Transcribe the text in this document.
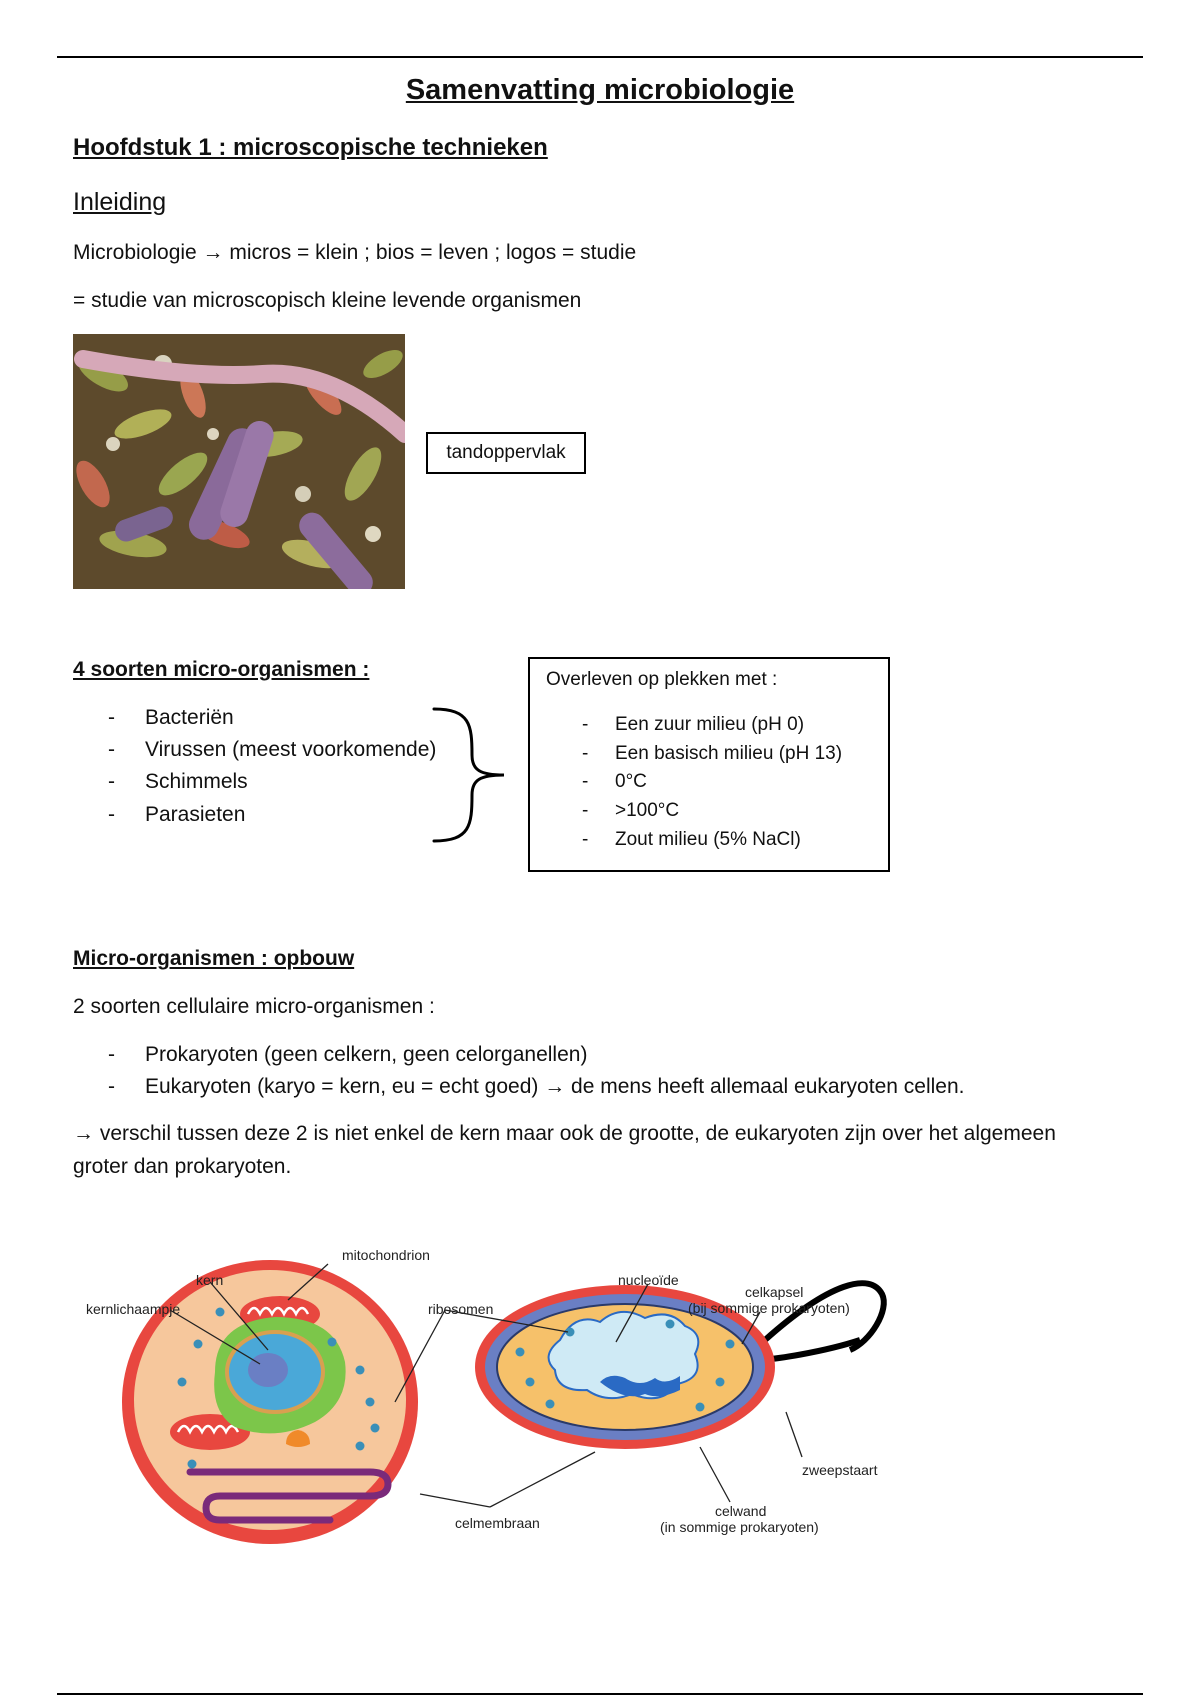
Samenvatting microbiologie
Hoofdstuk 1 : microscopische technieken
Inleiding
Microbiologie → micros = klein ; bios = leven ; logos = studie
= studie van microscopisch kleine levende organismen
tandoppervlak
4 soorten micro-organismen :
- Bacteriën
- Virussen (meest voorkomende)
- Schimmels
- Parasieten
Overleven op plekken met :
- Een zuur milieu (pH 0)
- Een basisch milieu (pH 13)
- 0°C
- >100°C
- Zout milieu (5% NaCl)
Micro-organismen : opbouw
2 soorten cellulaire micro-organismen :
- Prokaryoten (geen celkern, geen celorganellen)
- Eukaryoten (karyo = kern, eu = echt goed) → de mens heeft allemaal eukaryoten cellen.
→ verschil tussen deze 2 is niet enkel de kern maar ook de grootte, de eukaryoten zijn over het algemeen
groter dan prokaryoten.
mitochondrion
kern
kernlichaampje	ribosomen
nucleoïde
celkapsel
(bij sommige prokaryoten)
zweepstaart
celwand
(in sommige prokaryoten)
celmembraan
